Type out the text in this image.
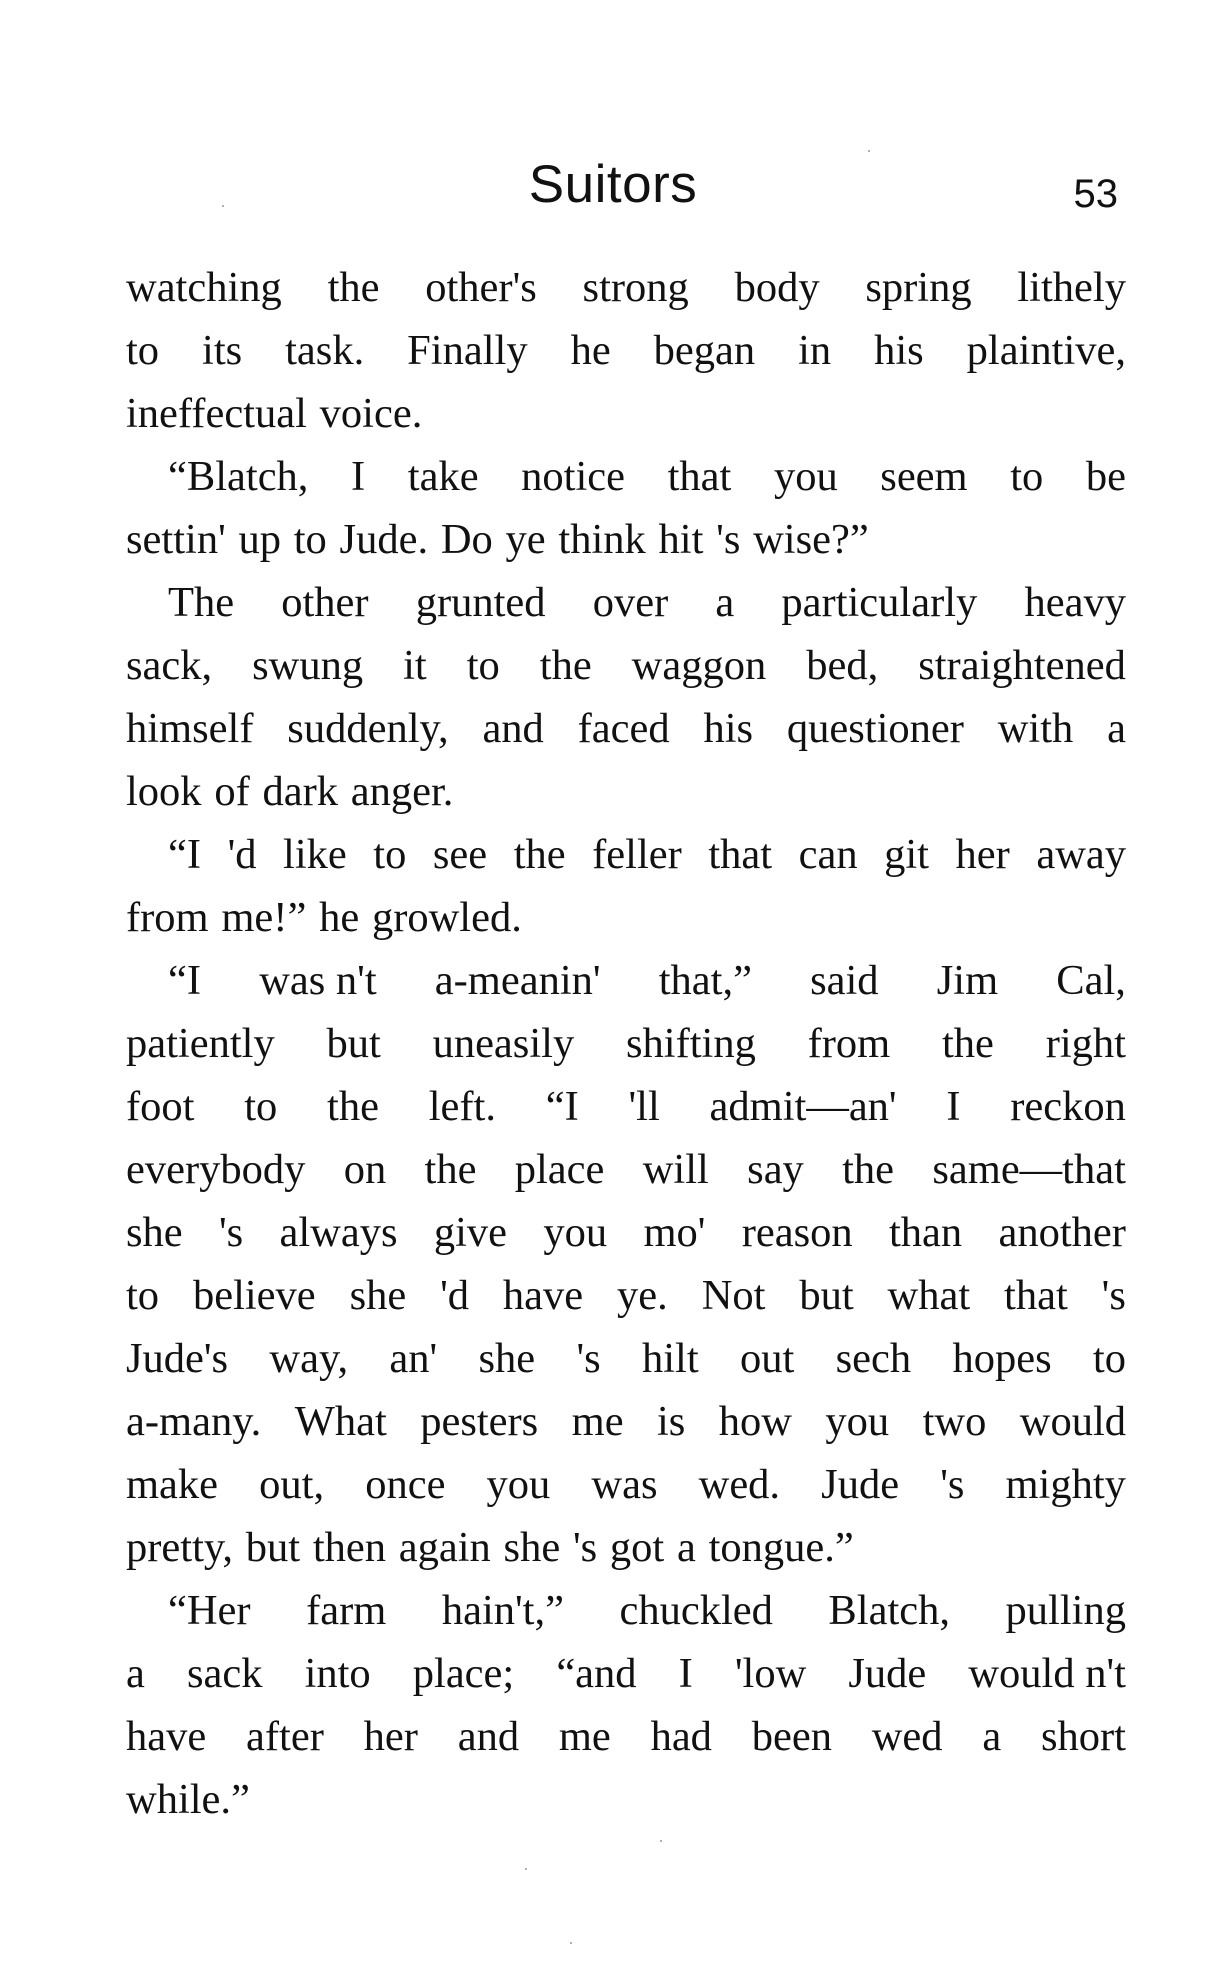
Suitors	53
watching the other's strong body spring lithely
to its task. Finally he began in his plaintive,
ineffectual voice.
“Blatch, I take notice that you seem to be
settin' up to Jude. Do ye think hit 's wise?”
The other grunted over a particularly heavy
sack, swung it to the waggon bed, straightened
himself suddenly, and faced his questioner with a
look of dark anger.
“I 'd like to see the feller that can git her away
from me!” he growled.
“I was n't a-meanin' that,” said Jim Cal,
patiently but uneasily shifting from the right
foot to the left. “I 'll admit—an' I reckon
everybody on the place will say the same—that
she 's always give you mo' reason than another
to believe she 'd have ye. Not but what that 's
Jude's way, an' she 's hilt out sech hopes to
a-many. What pesters me is how you two would
make out, once you was wed. Jude 's mighty
pretty, but then again she 's got a tongue.”
“Her farm hain't,” chuckled Blatch, pulling
a sack into place; “and I 'low Jude would n't
have after her and me had been wed a short
while.”
